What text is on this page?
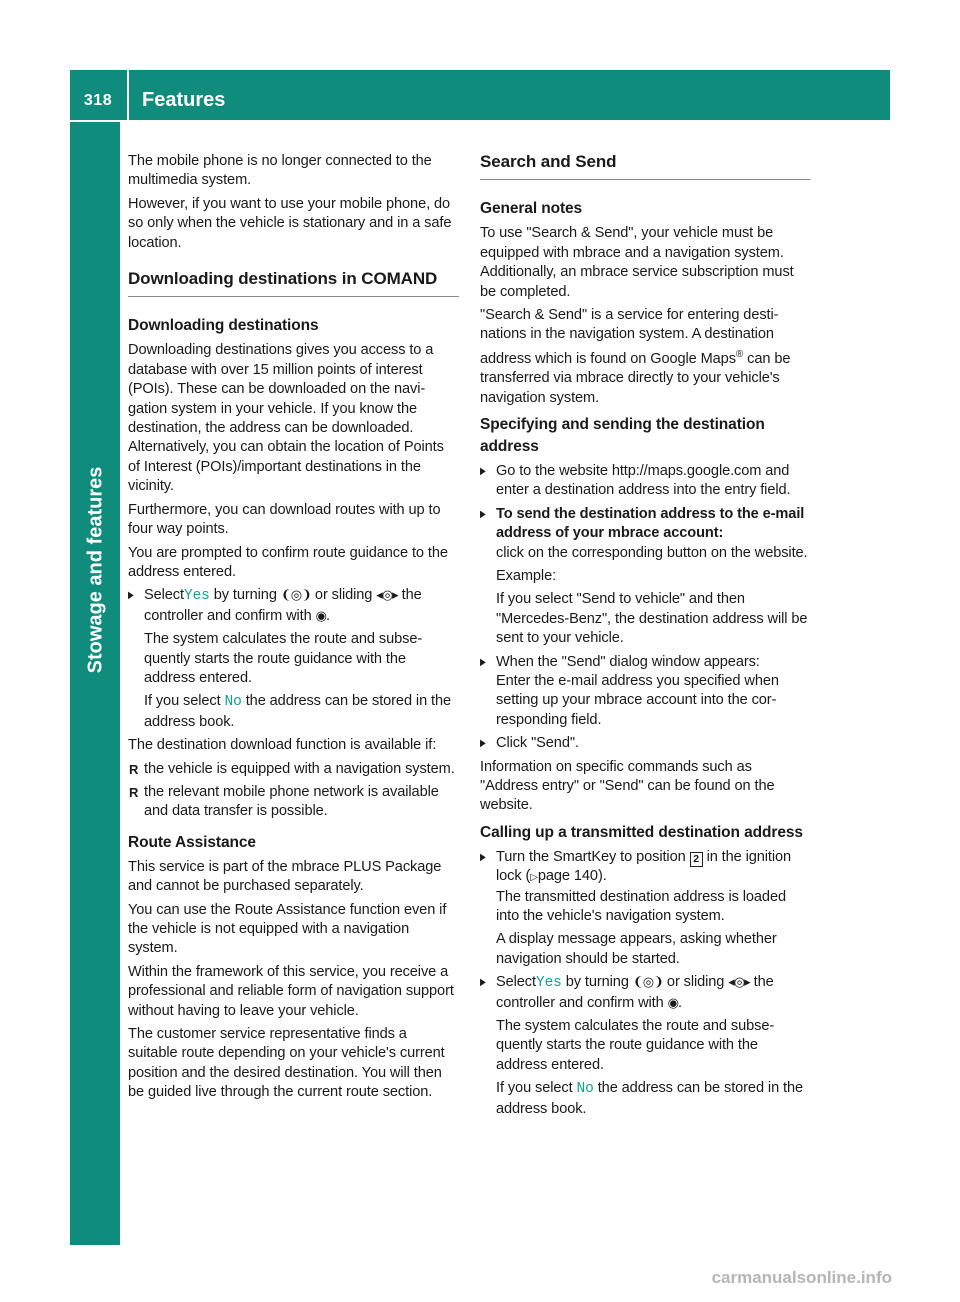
318	Features
Stowage and features

The mobile phone is no longer connected to the multimedia system.

However, if you want to use your mobile phone, do so only when the vehicle is stationary and in a safe location.

Downloading destinations in COMAND
Downloading destinations

Downloading destinations gives you access to a database with over 15 million points of interest (POIs). These can be downloaded on the navigation system in your vehicle. If you know the destination, the address can be downloaded. Alternatively, you can obtain the location of Points of Interest (POIs)/important destinations in the vicinity.

Furthermore, you can download routes with up to four way points.

You are prompted to confirm route guidance to the address entered.

▶ SelectYes by turning ❨◎❩ or sliding ◂◎▸ the controller and confirm with ◉.

The system calculates the route and subsequently starts the route guidance with the address entered.

If you select No the address can be stored in the address book.

The destination download function is available if:

R the vehicle is equipped with a navigation system.
R the relevant mobile phone network is available and data transfer is possible.
Route Assistance

This service is part of the mbrace PLUS Package and cannot be purchased separately.

You can use the Route Assistance function even if the vehicle is not equipped with a navigation system.

Within the framework of this service, you receive a professional and reliable form of navigation support without having to leave your vehicle.

The customer service representative finds a suitable route depending on your vehicle's current position and the desired destination. You will then be guided live through the current route section.

Search and Send
General notes

To use "Search & Send", your vehicle must be equipped with mbrace and a navigation system. Additionally, an mbrace service subscription must be completed.

"Search & Send" is a service for entering destinations in the navigation system. A destination address which is found on Google Maps® can be transferred via mbrace directly to your vehicle's navigation system.

Specifying and sending the destination address
▶ Go to the website http://maps.google.com and enter a destination address into the entry field.
▶ To send the destination address to the e-mail address of your mbrace account:

click on the corresponding button on the website.

Example:

If you select "Send to vehicle" and then "Mercedes-Benz", the destination address will be sent to your vehicle.

▶ When the "Send" dialog window appears:

Enter the e-mail address you specified when setting up your mbrace account into the corresponding field.

▶ Click "Send".

Information on specific commands such as "Address entry" or "Send" can be found on the website.

Calling up a transmitted destination address
▶ Turn the SmartKey to position 2 in the ignition lock (▷page 140).

The transmitted destination address is loaded into the vehicle's navigation system.

A display message appears, asking whether navigation should be started.

▶ SelectYes by turning ❨◎❩ or sliding ◂◎▸ the controller and confirm with ◉.

The system calculates the route and subsequently starts the route guidance with the address entered.

If you select No the address can be stored in the address book.

carmanualsonline.info
